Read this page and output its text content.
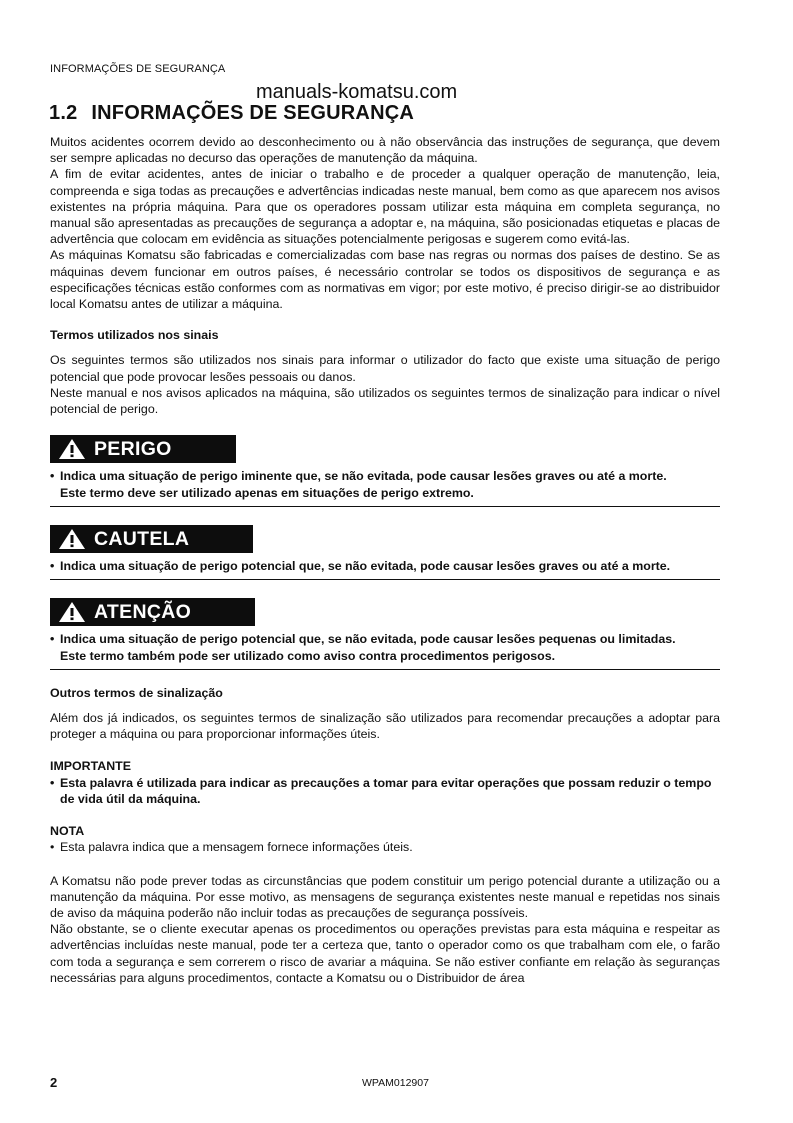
INFORMAÇÕES DE SEGURANÇA
manuals-komatsu.com
1.2 INFORMAÇÕES DE SEGURANÇA

Muitos acidentes ocorrem devido ao desconhecimento ou à não observância das instruções de segurança, que devem ser sempre aplicadas no decurso das operações de manutenção da máquina.

A fim de evitar acidentes, antes de iniciar o trabalho e de proceder a qualquer operação de manutenção, leia, compreenda e siga todas as precauções e advertências indicadas neste manual, bem como as que aparecem nos avisos existentes na própria máquina. Para que os operadores possam utilizar esta máquina em completa segurança, no manual são apresentadas as precauções de segurança a adoptar e, na máquina, são posicionadas etiquetas e placas de advertência que colocam em evidência as situações potencialmente perigosas e sugerem como evitá-las.

As máquinas Komatsu são fabricadas e comercializadas com base nas regras ou normas dos países de destino. Se as máquinas devem funcionar em outros países, é necessário controlar se todos os dispositivos de segurança e as especificações técnicas estão conformes com as normativas em vigor; por este motivo, é preciso dirigir-se ao distribuidor local Komatsu antes de utilizar a máquina.

Termos utilizados nos sinais

Os seguintes termos são utilizados nos sinais para informar o utilizador do facto que existe uma situação de perigo potencial que pode provocar lesões pessoais ou danos.

Neste manual e nos avisos aplicados na máquina, são utilizados os seguintes termos de sinalização para indicar o nível potencial de perigo.

PERIGO
• Indica uma situação de perigo iminente que, se não evitada, pode causar lesões graves ou até a morte.
Este termo deve ser utilizado apenas em situações de perigo extremo.
CAUTELA
• Indica uma situação de perigo potencial que, se não evitada, pode causar lesões graves ou até a morte.
ATENÇÃO
• Indica uma situação de perigo potencial que, se não evitada, pode causar lesões pequenas ou limitadas.
Este termo também pode ser utilizado como aviso contra procedimentos perigosos.

Outros termos de sinalização

Além dos já indicados, os seguintes termos de sinalização são utilizados para recomendar precauções a adoptar para proteger a máquina ou para proporcionar informações úteis.

IMPORTANTE

• Esta palavra é utilizada para indicar as precauções a tomar para evitar operações que possam reduzir o tempo de vida útil da máquina.

NOTA

• Esta palavra indica que a mensagem fornece informações úteis.

A Komatsu não pode prever todas as circunstâncias que podem constituir um perigo potencial durante a utilização ou a manutenção da máquina. Por esse motivo, as mensagens de segurança existentes neste manual e repetidas nos sinais de aviso da máquina poderão não incluir todas as precauções de segurança possíveis.

Não obstante, se o cliente executar apenas os procedimentos ou operações previstas para esta máquina e respeitar as advertências incluídas neste manual, pode ter a certeza que, tanto o operador como os que trabalham com ele, o farão com toda a segurança e sem correrem o risco de avariar a máquina. Se não estiver confiante em relação às seguranças necessárias para alguns procedimentos, contacte a Komatsu ou o Distribuidor de área

2	WPAM012907
